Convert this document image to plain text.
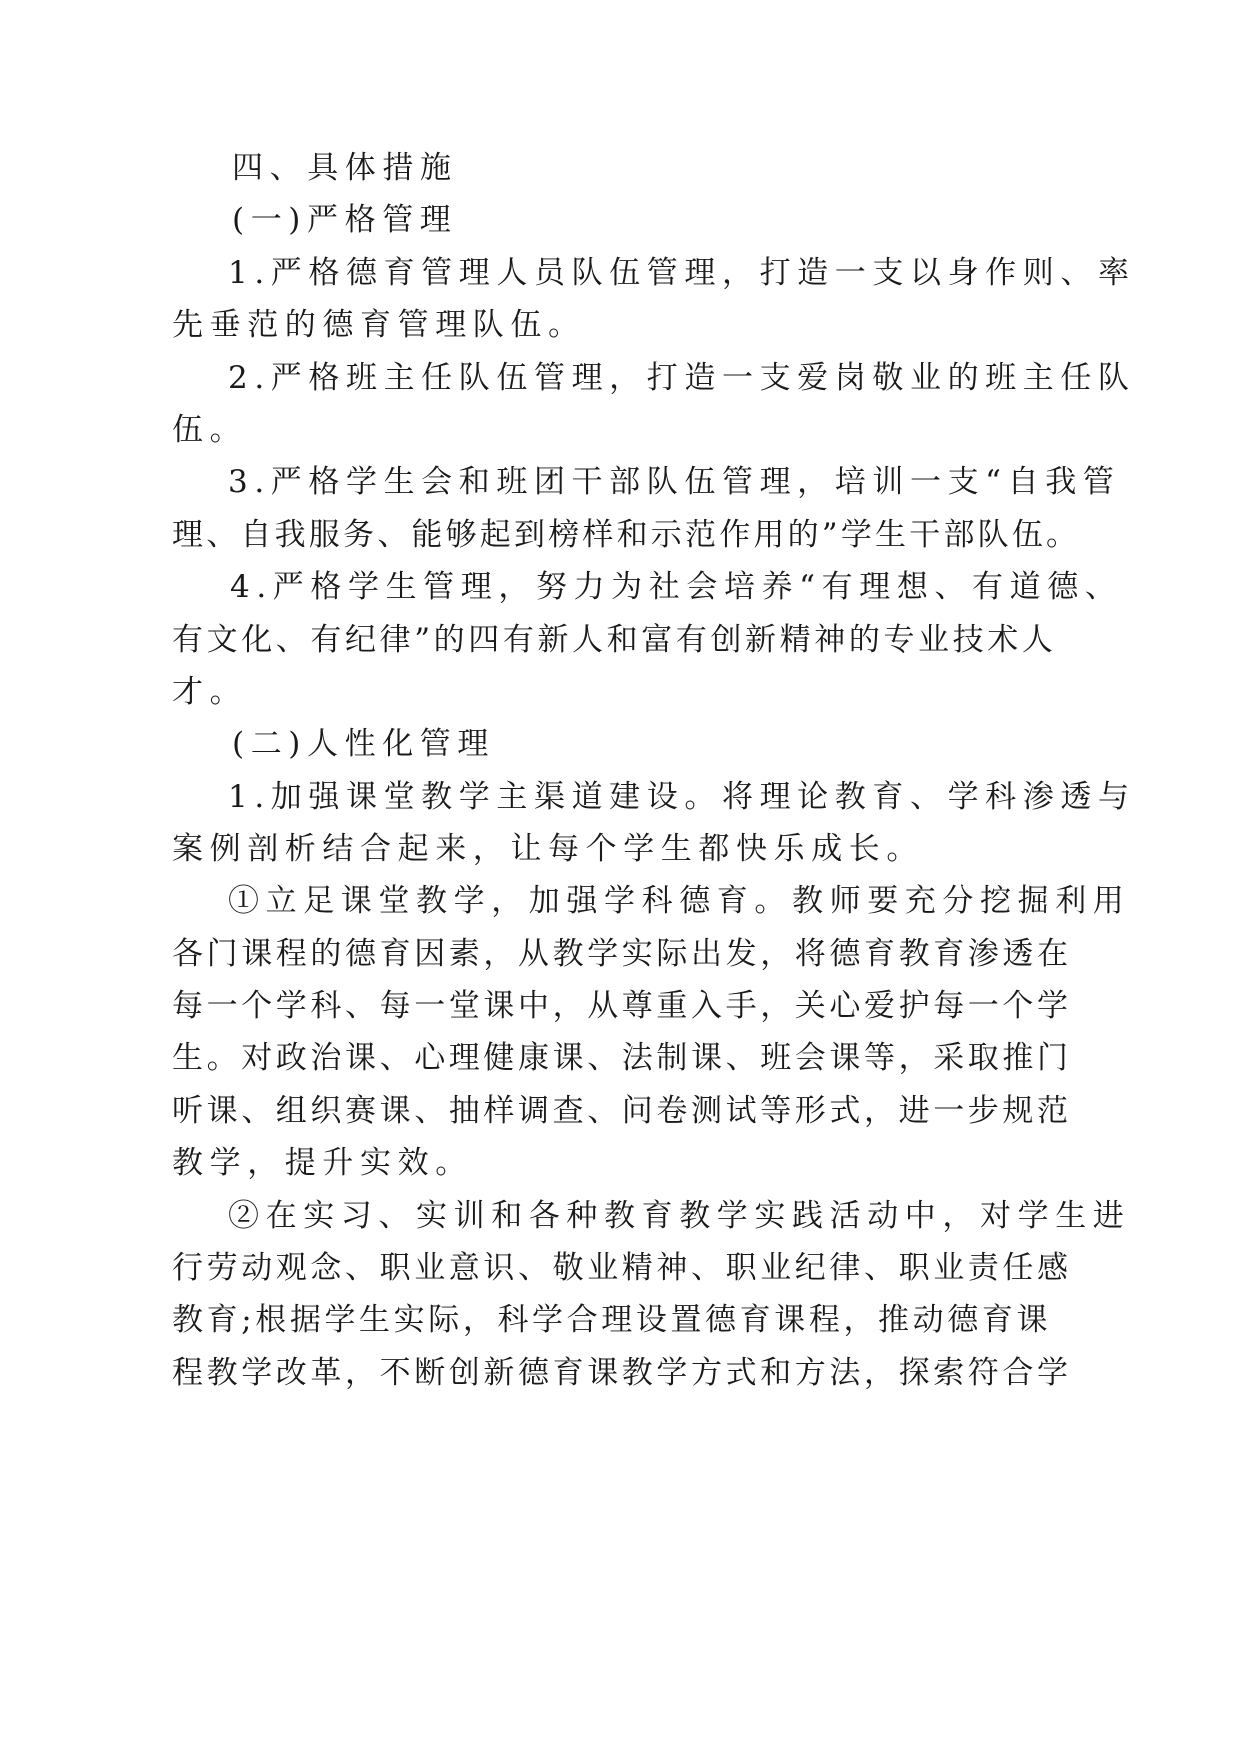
四、具体措施
(一)严格管理
1.严格德育管理人员队伍管理，打造一支以身作则、率
先垂范的德育管理队伍。
2.严格班主任队伍管理，打造一支爱岗敬业的班主任队
伍。
3.严格学生会和班团干部队伍管理，培训一支“自我管
理、自我服务、能够起到榜样和示范作用的”学生干部队伍。
4.严格学生管理，努力为社会培养“有理想、有道德、
有文化、有纪律”的四有新人和富有创新精神的专业技术人
才。
(二)人性化管理
1.加强课堂教学主渠道建设。将理论教育、学科渗透与
案例剖析结合起来，让每个学生都快乐成长。
①立足课堂教学，加强学科德育。教师要充分挖掘利用
各门课程的德育因素，从教学实际出发，将德育教育渗透在
每一个学科、每一堂课中，从尊重入手，关心爱护每一个学
生。对政治课、心理健康课、法制课、班会课等，采取推门
听课、组织赛课、抽样调查、问卷测试等形式，进一步规范
教学，提升实效。
②在实习、实训和各种教育教学实践活动中，对学生进
行劳动观念、职业意识、敬业精神、职业纪律、职业责任感
教育;根据学生实际，科学合理设置德育课程，推动德育课
程教学改革，不断创新德育课教学方式和方法，探索符合学
